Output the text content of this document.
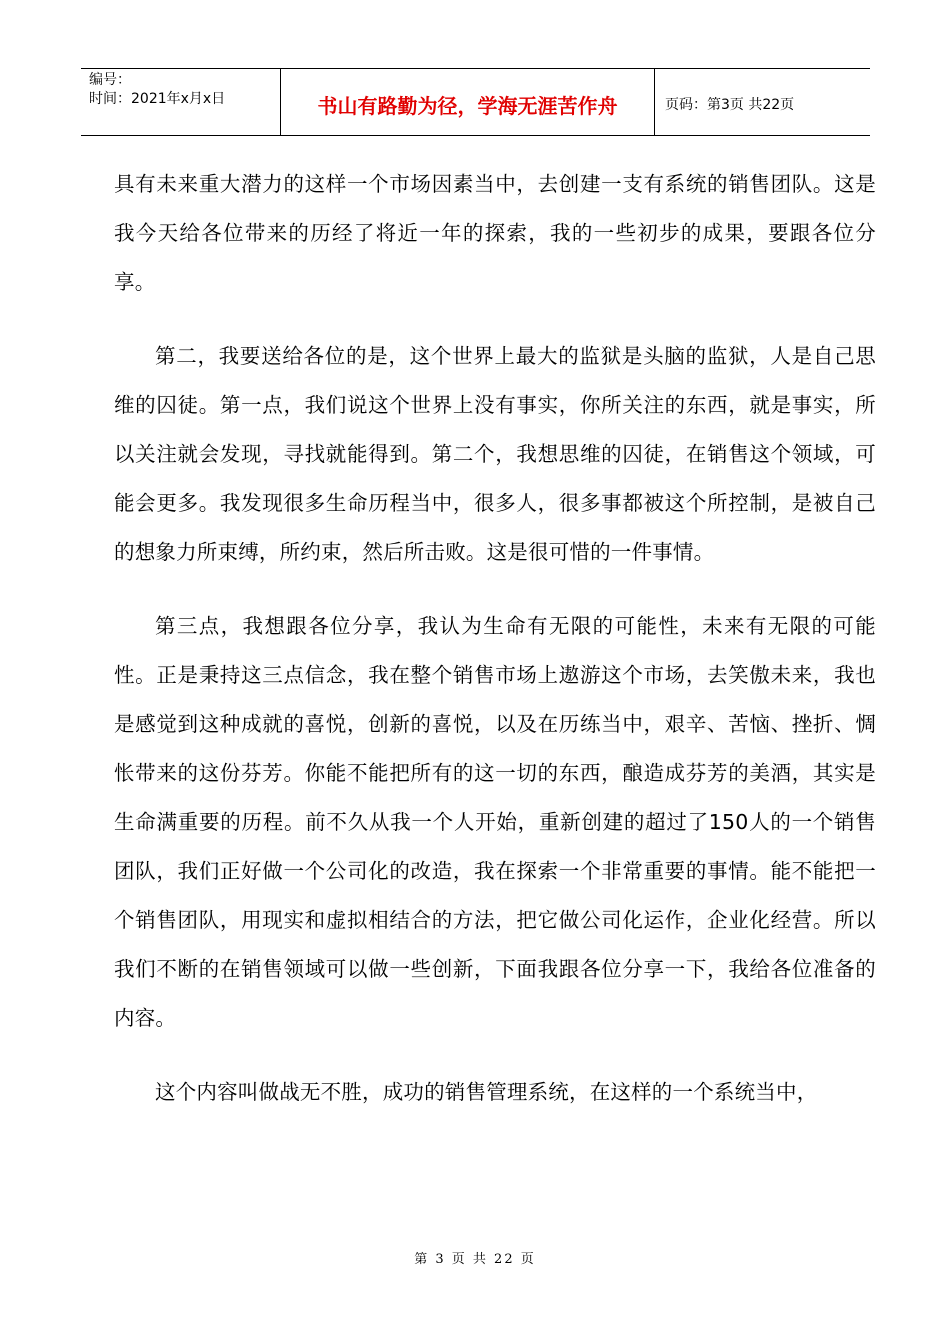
编号：
时间：2021年x月x日	书山有路勤为径，学海无涯苦作舟	页码：第3页 共22页

具有未来重大潜力的这样一个市场因素当中，去创建一支有系统的销售团队。这是我今天给各位带来的历经了将近一年的探索，我的一些初步的成果，要跟各位分享。

第二，我要送给各位的是，这个世界上最大的监狱是头脑的监狱，人是自己思维的囚徒。第一点，我们说这个世界上没有事实，你所关注的东西，就是事实，所以关注就会发现，寻找就能得到。第二个，我想思维的囚徒，在销售这个领域，可能会更多。我发现很多生命历程当中，很多人，很多事都被这个所控制，是被自己的想象力所束缚，所约束，然后所击败。这是很可惜的一件事情。

第三点，我想跟各位分享，我认为生命有无限的可能性，未来有无限的可能性。正是秉持这三点信念，我在整个销售市场上遨游这个市场，去笑傲未来，我也是感觉到这种成就的喜悦，创新的喜悦，以及在历练当中，艰辛、苦恼、挫折、惆怅带来的这份芬芳。你能不能把所有的这一切的东西，酿造成芬芳的美酒，其实是生命满重要的历程。前不久从我一个人开始，重新创建的超过了150人的一个销售团队，我们正好做一个公司化的改造，我在探索一个非常重要的事情。能不能把一个销售团队，用现实和虚拟相结合的方法，把它做公司化运作，企业化经营。所以我们不断的在销售领域可以做一些创新，下面我跟各位分享一下，我给各位准备的内容。

这个内容叫做战无不胜，成功的销售管理系统，在这样的一个系统当中，

第 3 页 共 22 页
